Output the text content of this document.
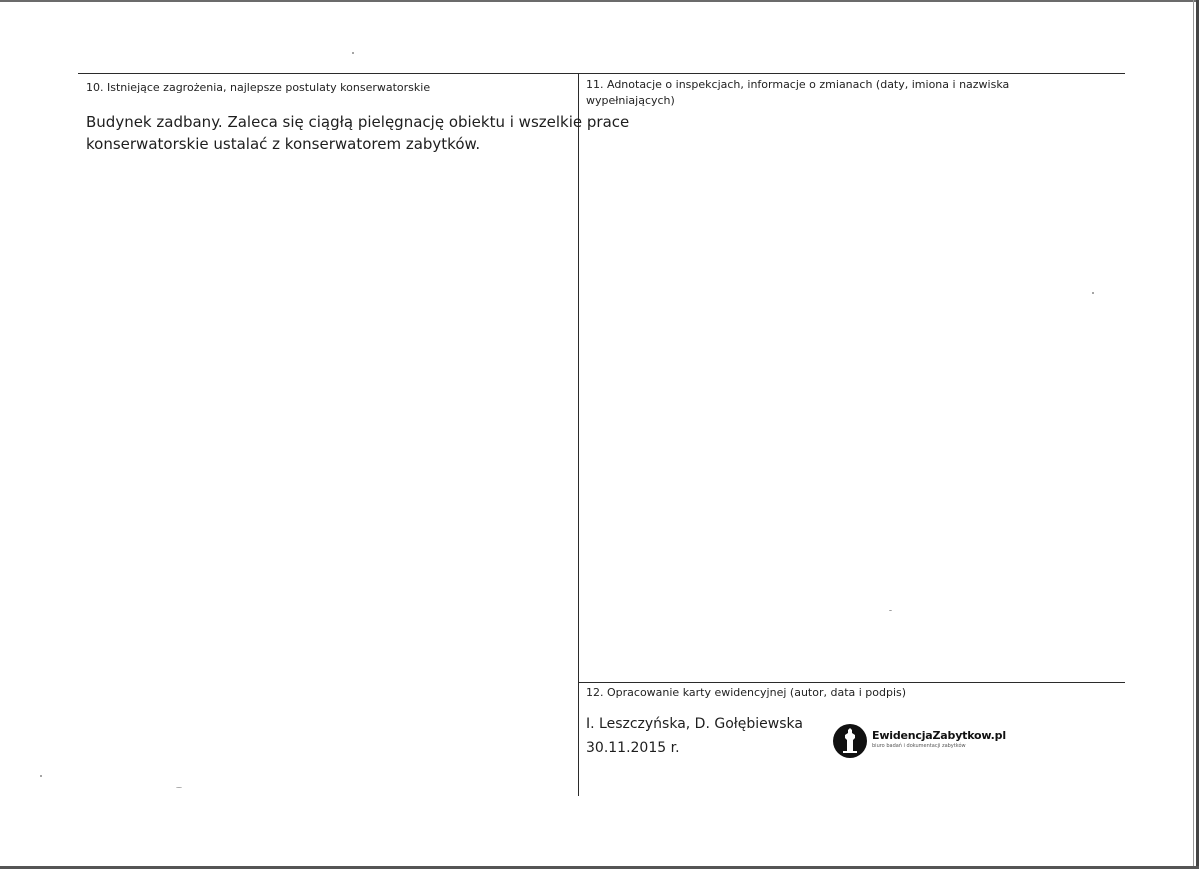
10. Istniejące zagrożenia, najlepsze postulaty konserwatorskie
Budynek zadbany. Zaleca się ciągłą pielęgnację obiektu i wszelkie prace
konserwatorskie ustalać z konserwatorem zabytków.
11. Adnotacje o inspekcjach, informacje o zmianach (daty, imiona i nazwiska
wypełniających)
12. Opracowanie karty ewidencyjnej (autor, data i podpis)
I. Leszczyńska, D. Gołębiewska
30.11.2015 r.
EwidencjaZabytkow.pl
biuro badań i dokumentacji zabytków
